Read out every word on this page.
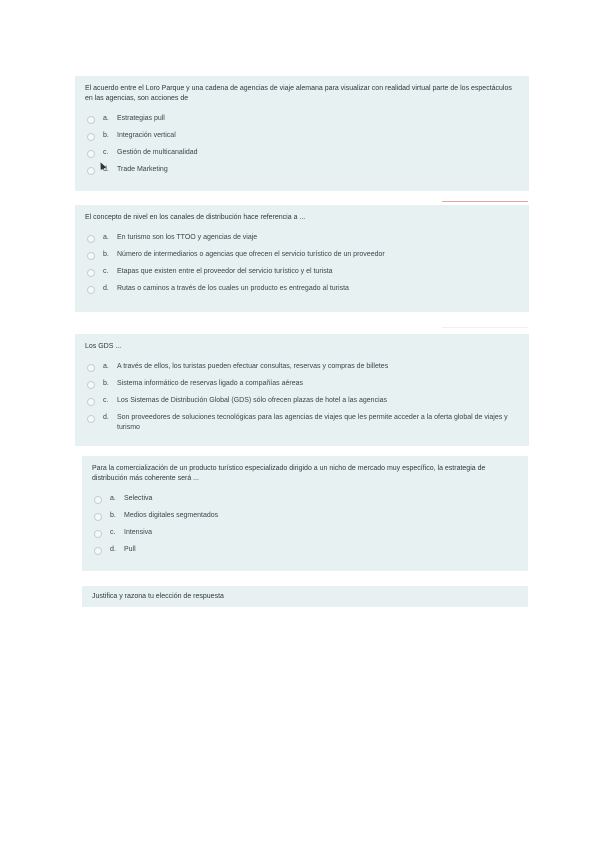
El acuerdo entre el Loro Parque y una cadena de agencias de viaje alemana para visualizar con realidad virtual parte de los espectáculos en las agencias, son acciones de

a.	Estrategias pull
b.	Integración vertical
c.	Gestión de multicanalidad
d.	Trade Marketing

El concepto de nivel en los canales de distribución hace referencia a ...

a.	En turismo son los TTOO y agencias de viaje
b.	Número de intermediarios o agencias que ofrecen el servicio turístico de un proveedor
c.	Etapas que existen entre el proveedor del servicio turístico y el turista
d.	Rutas o caminos a través de los cuales un producto es entregado al turista

Los GDS ...

a.	A través de ellos, los turistas pueden efectuar consultas, reservas y compras de billetes
b.	Sistema informático de reservas ligado a compañías aéreas
c.	Los Sistemas de Distribución Global (GDS) sólo ofrecen plazas de hotel a las agencias
d.	Son proveedores de soluciones tecnológicas para las agencias de viajes que les permite acceder a la oferta global de viajes y turismo

Para la comercialización de un producto turístico especializado dirigido a un nicho de mercado muy específico, la estrategia de distribución más coherente será ...

a.	Selectiva
b.	Medios digitales segmentados
c.	Intensiva
d.	Pull

Justifica y razona tu elección de respuesta
